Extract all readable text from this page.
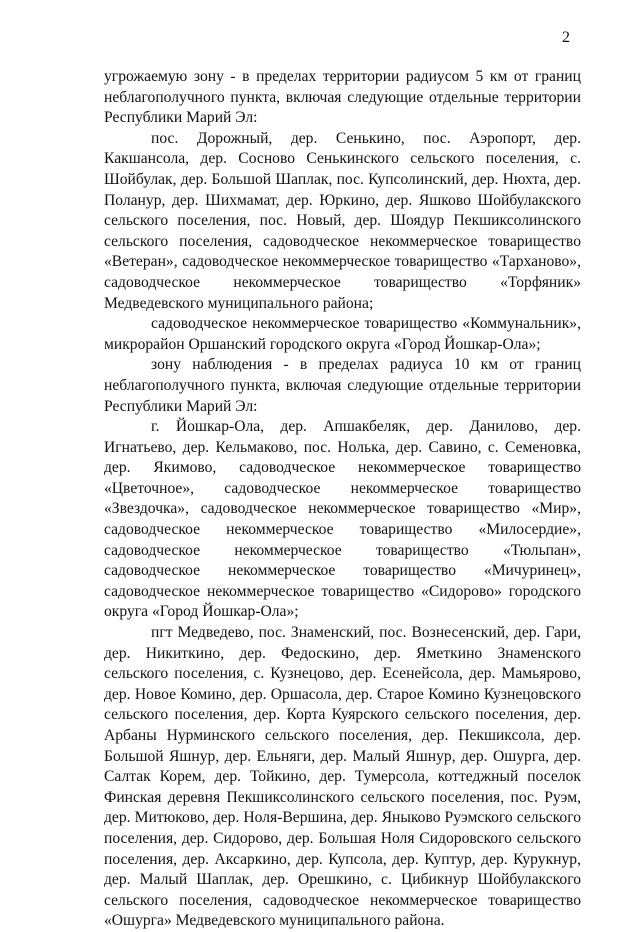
2

угрожаемую зону - в пределах территории радиусом 5 км от границ неблагополучного пункта, включая следующие отдельные территории Республики Марий Эл:

пос. Дорожный, дер. Сенькино, пос. Аэропорт, дер. Какшансола, дер. Сосново Сенькинского сельского поселения, с. Шойбулак, дер. Большой Шаплак, пос. Купсолинский, дер. Нюхта, дер. Поланур, дер. Шихмамат, дер. Юркино, дер. Яшково Шойбулакского сельского поселения, пос. Новый, дер. Шоядур Пекшиксолинского сельского поселения, садоводческое некоммерческое товарищество «Ветеран», садоводческое некоммерческое товарищество «Тарханово», садоводческое некоммерческое товарищество «Торфяник» Медведевского муниципального района;

садоводческое некоммерческое товарищество «Коммунальник», микрорайон Оршанский городского округа «Город Йошкар-Ола»;

зону наблюдения - в пределах радиуса 10 км от границ неблагополучного пункта, включая следующие отдельные территории Республики Марий Эл:

г. Йошкар-Ола, дер. Апшакбеляк, дер. Данилово, дер. Игнатьево, дер. Кельмаково, пос. Нолька, дер. Савино, с. Семеновка, дер. Якимово, садоводческое некоммерческое товарищество «Цветочное», садоводческое некоммерческое товарищество «Звездочка», садоводческое некоммерческое товарищество «Мир», садоводческое некоммерческое товарищество «Милосердие», садоводческое некоммерческое товарищество «Тюльпан», садоводческое некоммерческое товарищество «Мичуринец», садоводческое некоммерческое товарищество «Сидорово» городского округа «Город Йошкар-Ола»;

пгт Медведево, пос. Знаменский, пос. Вознесенский, дер. Гари, дер. Никиткино, дер. Федоскино, дер. Яметкино Знаменского сельского поселения, с. Кузнецово, дер. Есенейсола, дер. Мамьярово, дер. Новое Комино, дер. Оршасола, дер. Старое Комино Кузнецовского сельского поселения, дер. Корта Куярского сельского поселения, дер. Арбаны Нурминского сельского поселения, дер. Пекшиксола, дер. Большой Яшнур, дер. Ельняги, дер. Малый Яшнур, дер. Ошурга, дер. Салтак Корем, дер. Тойкино, дер. Тумерсола, коттеджный поселок Финская деревня Пекшиксолинского сельского поселения, пос. Руэм, дер. Митюково, дер. Ноля-Вершина, дер. Яныково Руэмского сельского поселения, дер. Сидорово, дер. Большая Ноля Сидоровского сельского поселения, дер. Аксаркино, дер. Купсола, дер. Куптур, дер. Курукнур, дер. Малый Шаплак, дер. Орешкино, с. Цибикнур Шойбулакского сельского поселения, садоводческое некоммерческое товарищество «Ошурга» Медведевского муниципального района.
